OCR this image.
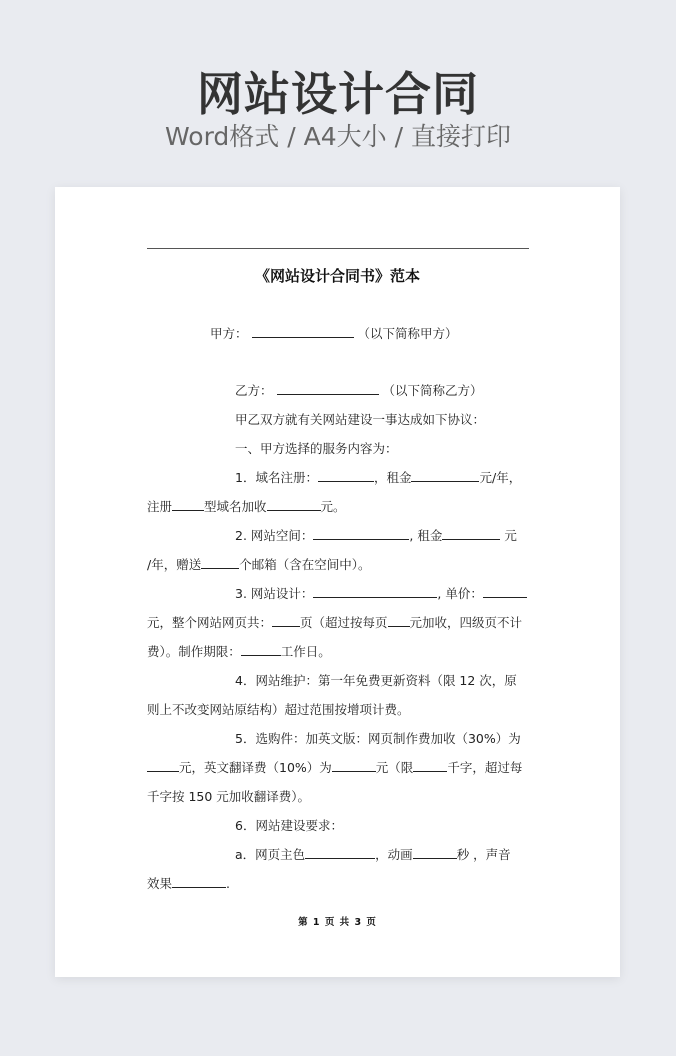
网站设计合同
Word格式 / A4大小 / 直接打印
《网站设计合同书》范本
甲方：	（以下简称甲方）
乙方：	（以下简称乙方）
甲乙双方就有关网站建设一事达成如下协议：
一、甲方选择的服务内容为：
1．域名注册：	，租金	元/年，
注册	型域名加收	元。
2. 网站空间：	, 租金	元
/年，赠送	个邮箱（含在空间中）。
3. 网站设计：	, 单价：
元，整个网站网页共： 页（超过按每页 元加收，四级页不计
费）。制作期限：	工作日。
4．网站维护：第一年免费更新资料（限 12 次，原
则上不改变网站原结构）超过范围按增项计费。
5．选购件：加英文版：网页制作费加收（30%）为
元，英文翻译费（10%）为	元（限	千字，超过每
千字按 150 元加收翻译费）。
6．网站建设要求：
a．网页主色	，动画	秒 ，声音
效果	.
第 1 页 共 3 页
